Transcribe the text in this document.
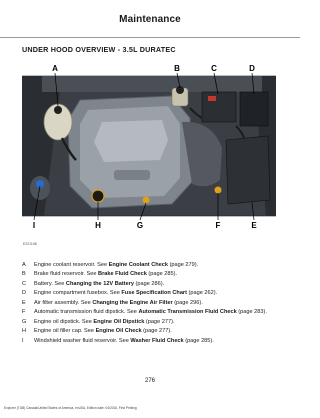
Maintenance
UNDER HOOD OVERVIEW - 3.5L DURATEC
A	B	C	D
I	H	G	F	E
E221198
A	Engine coolant reservoir. See Engine Coolant Check (page 279).
B	Brake fluid reservoir. See Brake Fluid Check (page 285).
C	Battery. See Changing the 12V Battery (page 286).
D	Engine compartment fusebox. See Fuse Specification Chart (page 262).
E	Air filter assembly. See Changing the Engine Air Filter (page 296).
F	Automatic transmission fluid dipstick. See Automatic Transmission Fluid Check (page 283).
G	Engine oil dipstick. See Engine Oil Dipstick (page 277).
H	Engine oil filler cap. See Engine Oil Check (page 277).
I	Windshield washer fluid reservoir. See Washer Fluid Check (page 285).
276
Explorer (TUB) Canada/United States of America, enUSA, Edition date: 04/2016, First Printing
